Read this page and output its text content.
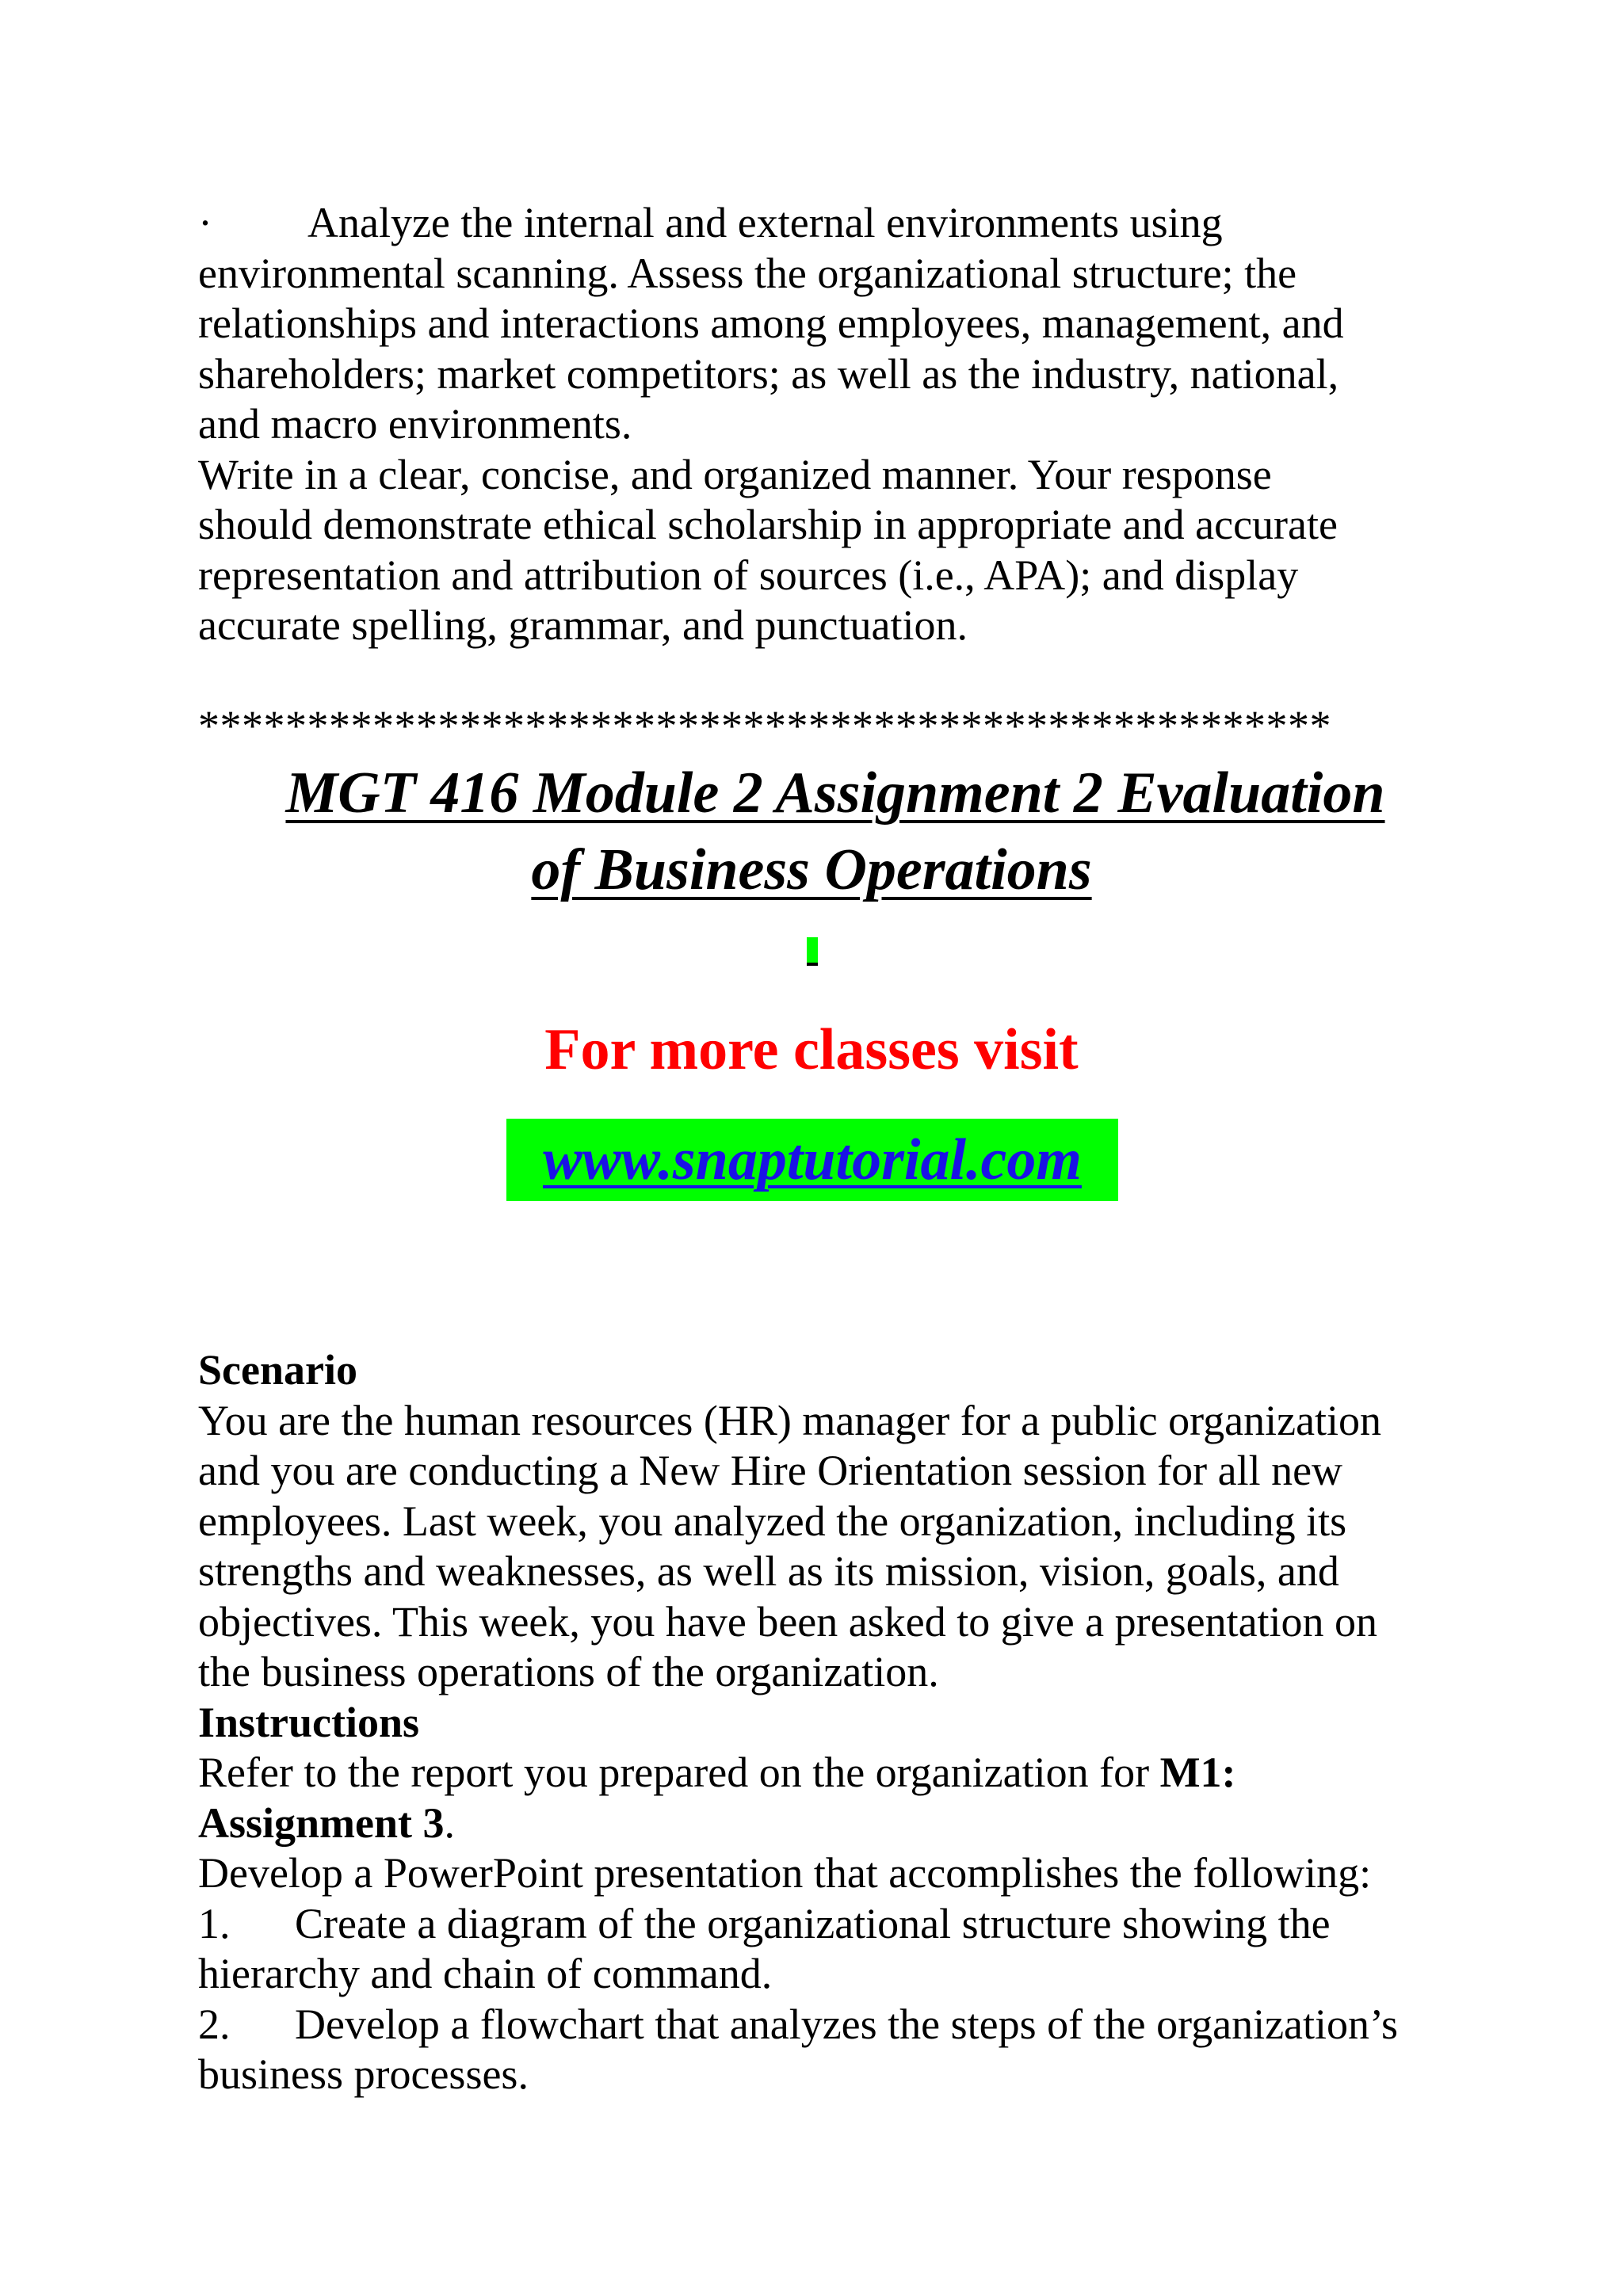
· Analyze the internal and external environments using
environmental scanning. Assess the organizational structure; the
relationships and interactions among employees, management, and
shareholders; market competitors; as well as the industry, national,
and macro environments.
Write in a clear, concise, and organized manner. Your response
should demonstrate ethical scholarship in appropriate and accurate
representation and attribution of sources (i.e., APA); and display
accurate spelling, grammar, and punctuation.
****************************************************
MGT 416 Module 2 Assignment 2 Evaluation
of Business Operations
For more classes visit
www.snaptutorial.com
Scenario
You are the human resources (HR) manager for a public organization
and you are conducting a New Hire Orientation session for all new
employees. Last week, you analyzed the organization, including its
strengths and weaknesses, as well as its mission, vision, goals, and
objectives. This week, you have been asked to give a presentation on
the business operations of the organization.
Instructions
Refer to the report you prepared on the organization for M1:
Assignment 3.
Develop a PowerPoint presentation that accomplishes the following:
1. Create a diagram of the organizational structure showing the
hierarchy and chain of command.
2. Develop a flowchart that analyzes the steps of the organization’s
business processes.
